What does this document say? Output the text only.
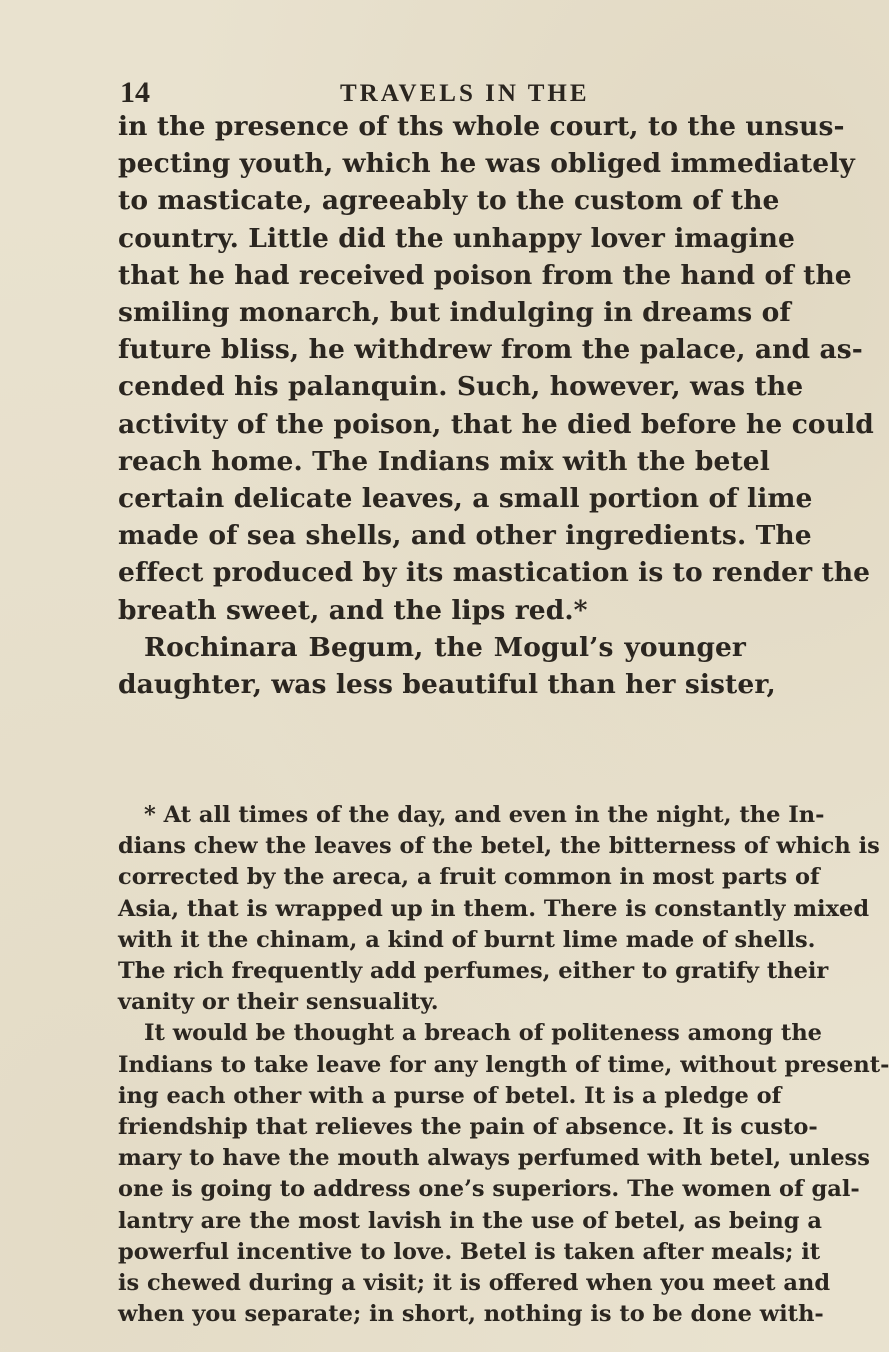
14	TRAVELS IN THE
in the presence of ths whole court, to the unsus-
pecting youth, which he was obliged immediately
to masticate, agreeably to the custom of the
country. Little did the unhappy lover imagine
that he had received poison from the hand of the
smiling monarch, but indulging in dreams of
future bliss, he withdrew from the palace, and as-
cended his palanquin. Such, however, was the
activity of the poison, that he died before he could
reach home. The Indians mix with the betel
certain delicate leaves, a small portion of lime
made of sea shells, and other ingredients. The
effect produced by its mastication is to render the
breath sweet, and the lips red.*
Rochinara Begum, the Mogul’s younger
daughter, was less beautiful than her sister,
* At all times of the day, and even in the night, the In-
dians chew the leaves of the betel, the bitterness of which is
corrected by the areca, a fruit common in most parts of
Asia, that is wrapped up in them. There is constantly mixed
with it the chinam, a kind of burnt lime made of shells.
The rich frequently add perfumes, either to gratify their
vanity or their sensuality.
It would be thought a breach of politeness among the
Indians to take leave for any length of time, without present-
ing each other with a purse of betel. It is a pledge of
friendship that relieves the pain of absence. It is custo-
mary to have the mouth always perfumed with betel, unless
one is going to address one’s superiors. The women of gal-
lantry are the most lavish in the use of betel, as being a
powerful incentive to love. Betel is taken after meals; it
is chewed during a visit; it is offered when you meet and
when you separate; in short, nothing is to be done with-
